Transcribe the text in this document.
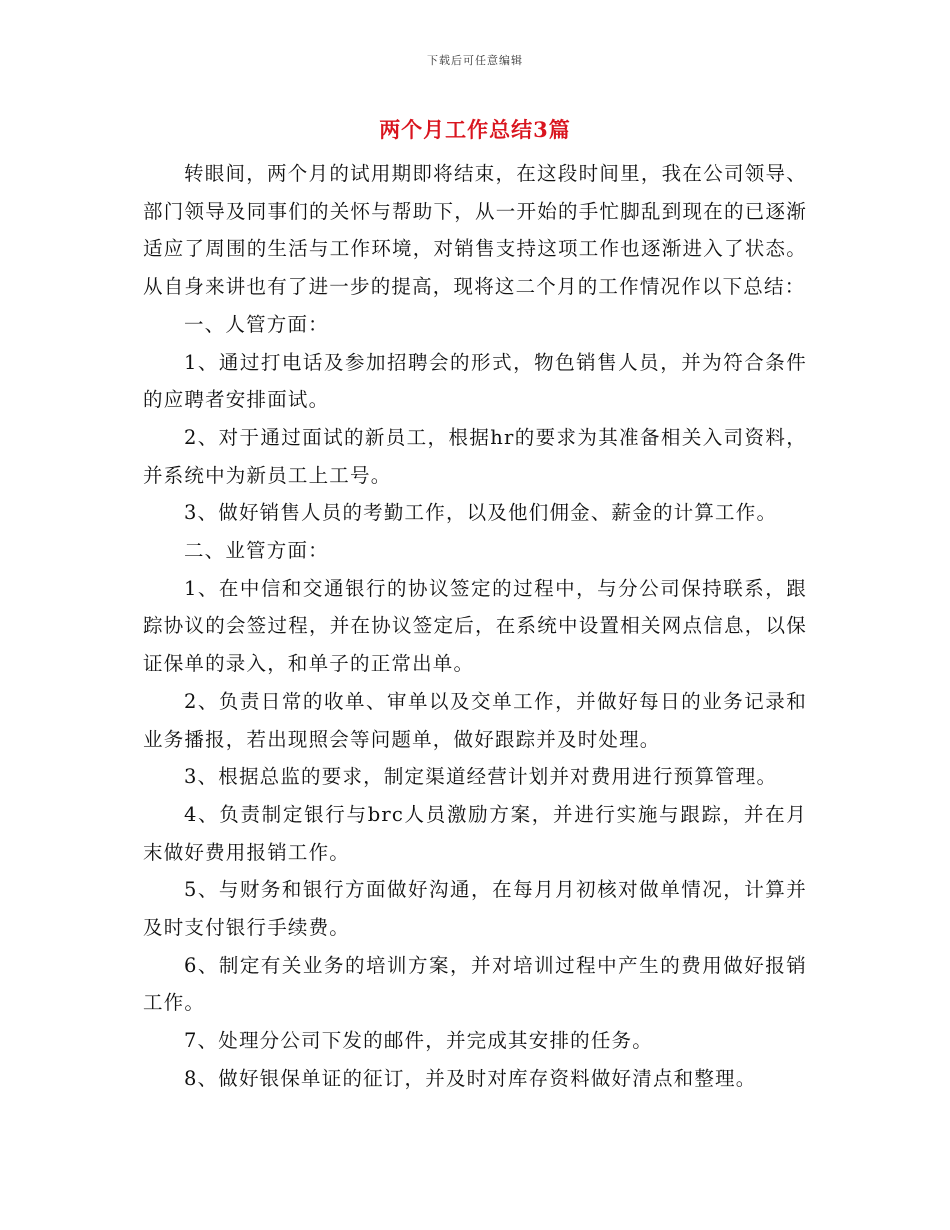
下载后可任意编辑
两个月工作总结3篇

转眼间，两个月的试用期即将结束，在这段时间里，我在公司领导、部门领导及同事们的关怀与帮助下，从一开始的手忙脚乱到现在的已逐渐适应了周围的生活与工作环境，对销售支持这项工作也逐渐进入了状态。从自身来讲也有了进一步的提高，现将这二个月的工作情况作以下总结：

一、人管方面：

1、通过打电话及参加招聘会的形式，物色销售人员，并为符合条件的应聘者安排面试。

2、对于通过面试的新员工，根据hr的要求为其准备相关入司资料，并系统中为新员工上工号。

3、做好销售人员的考勤工作，以及他们佣金、薪金的计算工作。

二、业管方面：

1、在中信和交通银行的协议签定的过程中，与分公司保持联系，跟踪协议的会签过程，并在协议签定后，在系统中设置相关网点信息，以保证保单的录入，和单子的正常出单。

2、负责日常的收单、审单以及交单工作，并做好每日的业务记录和业务播报，若出现照会等问题单，做好跟踪并及时处理。

3、根据总监的要求，制定渠道经营计划并对费用进行预算管理。

4、负责制定银行与brc人员激励方案，并进行实施与跟踪，并在月末做好费用报销工作。

5、与财务和银行方面做好沟通，在每月月初核对做单情况，计算并及时支付银行手续费。

6、制定有关业务的培训方案，并对培训过程中产生的费用做好报销工作。

7、处理分公司下发的邮件，并完成其安排的任务。

8、做好银保单证的征订，并及时对库存资料做好清点和整理。
